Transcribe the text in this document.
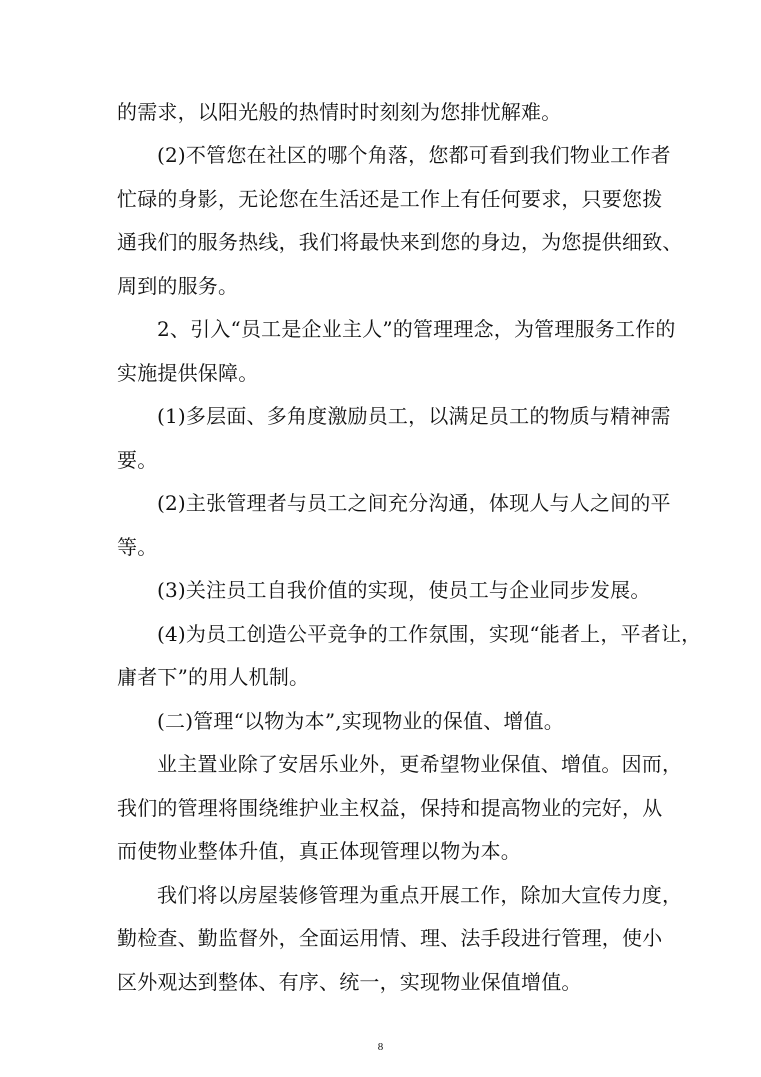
的需求，以阳光般的热情时时刻刻为您排忧解难。
(2)不管您在社区的哪个角落，您都可看到我们物业工作者
忙碌的身影，无论您在生活还是工作上有任何要求，只要您拨
通我们的服务热线，我们将最快来到您的身边，为您提供细致、
周到的服务。
2、引入“员工是企业主人”的管理理念，为管理服务工作的
实施提供保障。
(1)多层面、多角度激励员工，以满足员工的物质与精神需
要。
(2)主张管理者与员工之间充分沟通，体现人与人之间的平
等。
(3)关注员工自我价值的实现，使员工与企业同步发展。
(4)为员工创造公平竞争的工作氛围，实现“能者上，平者让，
庸者下”的用人机制。
(二)管理“以物为本”,实现物业的保值、增值。
业主置业除了安居乐业外，更希望物业保值、增值。因而，
我们的管理将围绕维护业主权益，保持和提高物业的完好，从
而使物业整体升值，真正体现管理以物为本。
我们将以房屋装修管理为重点开展工作，除加大宣传力度，
勤检查、勤监督外，全面运用情、理、法手段进行管理，使小
区外观达到整体、有序、统一，实现物业保值增值。
8
